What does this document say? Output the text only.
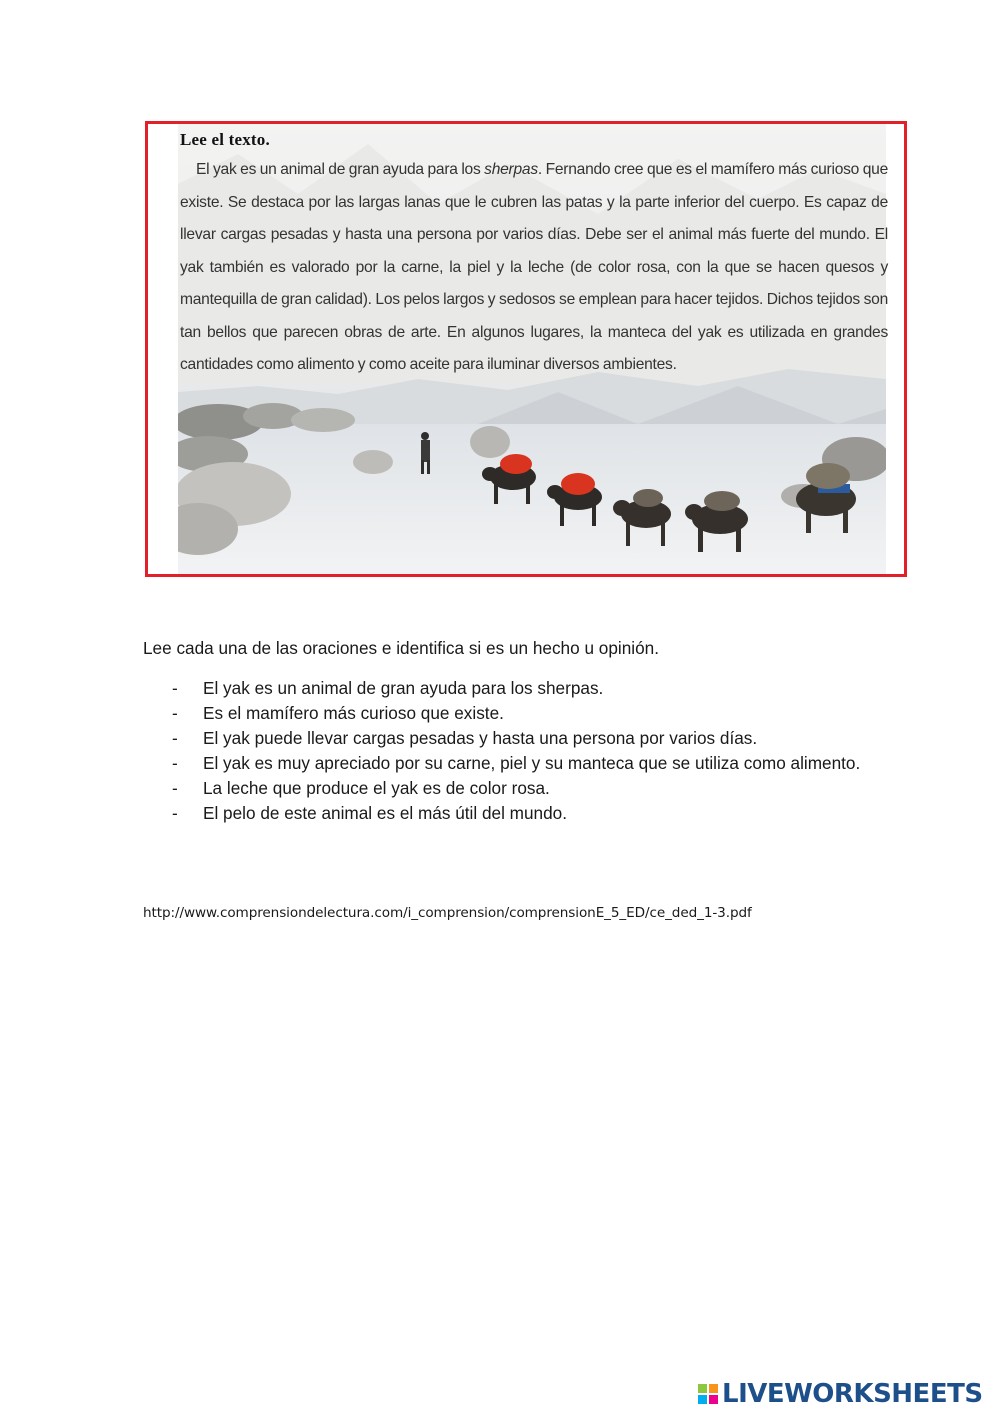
Lee el texto.

El yak es un animal de gran ayuda para los sherpas. Fernando cree que es el mamífero más curioso que existe. Se destaca por las largas lanas que le cubren las patas y la parte inferior del cuerpo. Es capaz de llevar cargas pesadas y hasta una persona por varios días. Debe ser el animal más fuerte del mundo. El yak también es valorado por la carne, la piel y la leche (de color rosa, con la que se hacen quesos y mantequilla de gran calidad). Los pelos largos y sedosos se emplean para hacer tejidos. Dichos tejidos son tan bellos que parecen obras de arte. En algunos lugares, la manteca del yak es utilizada en grandes cantidades como alimento y como aceite para iluminar diversos ambientes.

Lee cada una de las oraciones e identifica si es un hecho u opinión.
- El yak es un animal de gran ayuda para los sherpas.
- Es el mamífero más curioso que existe.
- El yak puede llevar cargas pesadas y hasta una persona por varios días.
- El yak es muy apreciado por su carne, piel y su manteca que se utiliza como alimento.
- La leche que produce el yak es de color rosa.
- El pelo de este animal es el más útil del mundo.
http://www.comprensiondelectura.com/i_comprension/comprensionE_5_ED/ce_ded_1-3.pdf
LIVEWORKSHEETS
